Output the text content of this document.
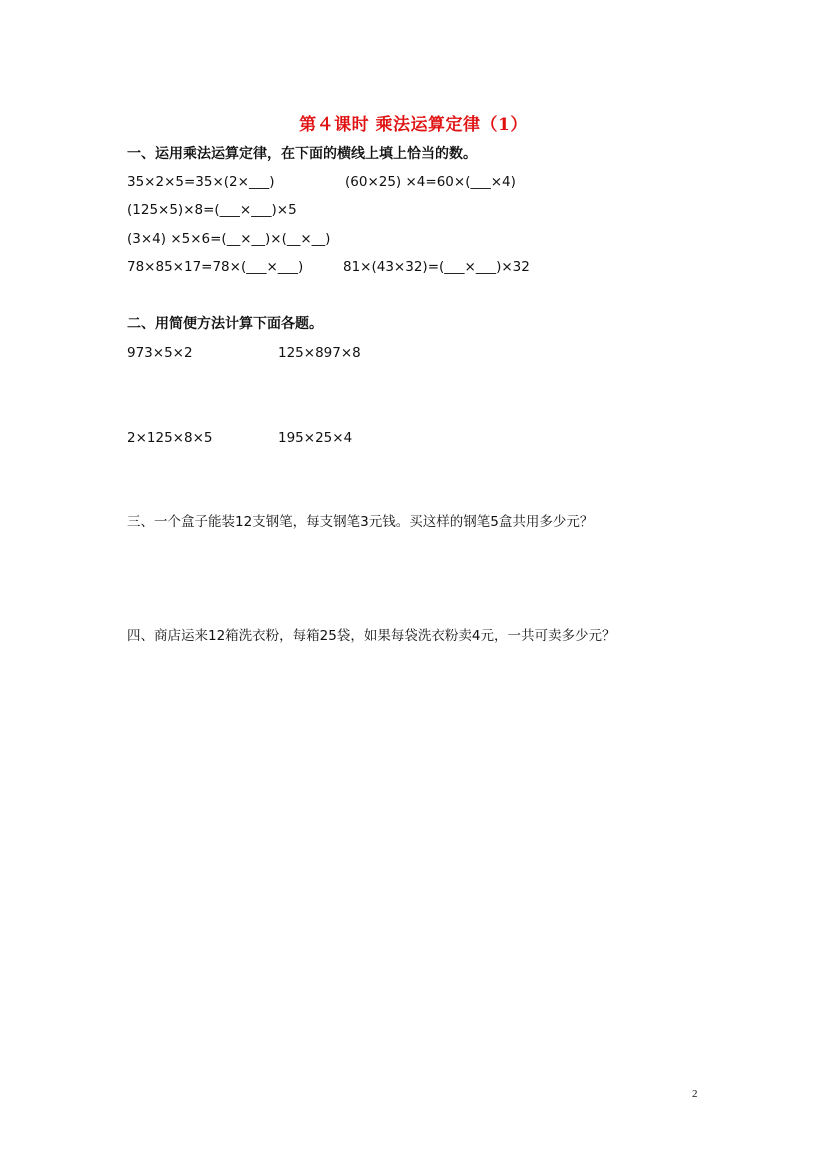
第４课时 乘法运算定律（1）
一、运用乘法运算定律，在下面的横线上填上恰当的数。
35×2×5=35×(2×___)	(60×25) ×4=60×(___×4)
(125×5)×8=(___×___)×5
(3×4) ×5×6=(__×__)×(__×__)
78×85×17=78×(___×___)	81×(43×32)=(___×___)×32
二、用简便方法计算下面各题。
973×5×2	125×897×8
2×125×8×5	195×25×4
三、一个盒子能装12支钢笔，每支钢笔3元钱。买这样的钢笔5盒共用多少元？
四、商店运来12箱洗衣粉，每箱25袋，如果每袋洗衣粉卖4元，一共可卖多少元？
2
